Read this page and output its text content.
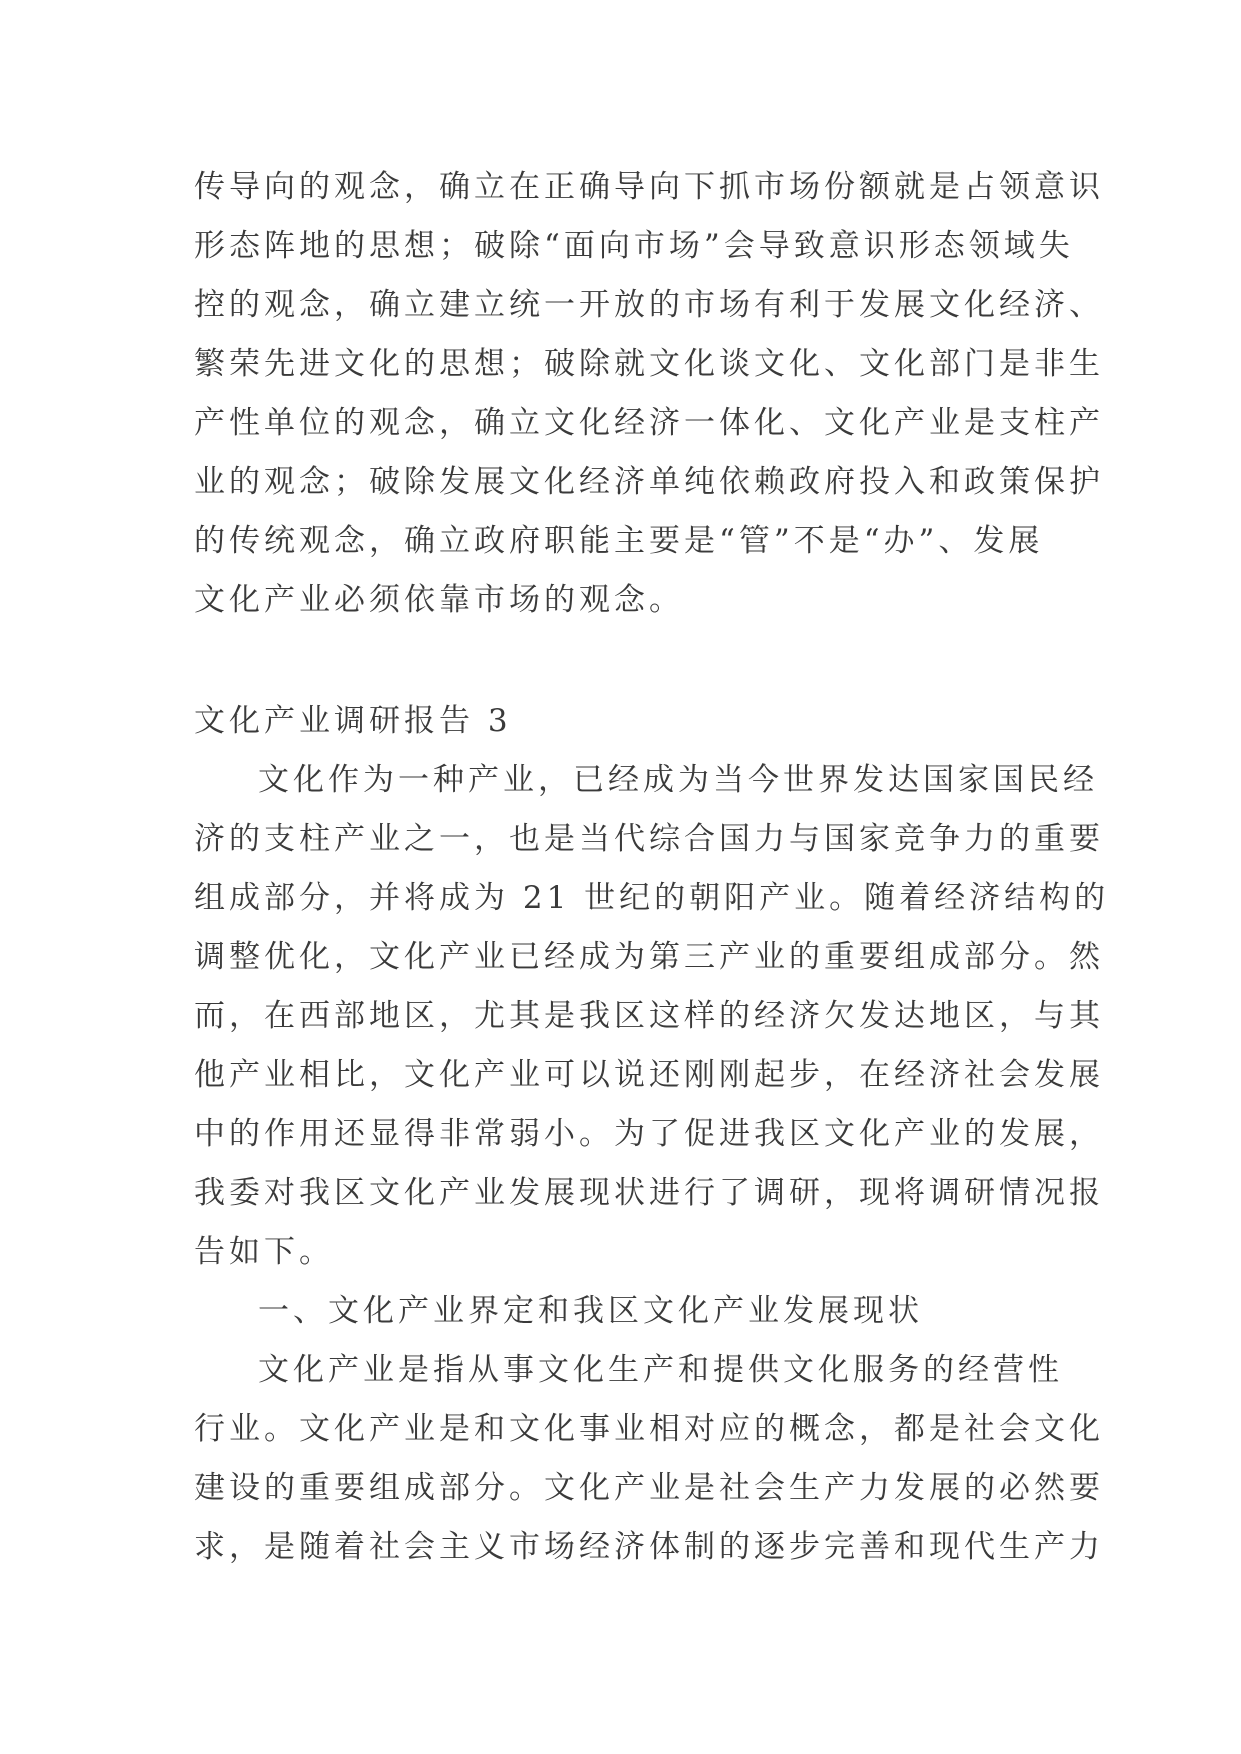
传导向的观念，确立在正确导向下抓市场份额就是占领意识
形态阵地的思想；破除“面向市场”会导致意识形态领域失
控的观念，确立建立统一开放的市场有利于发展文化经济、
繁荣先进文化的思想；破除就文化谈文化、文化部门是非生
产性单位的观念，确立文化经济一体化、文化产业是支柱产
业的观念；破除发展文化经济单纯依赖政府投入和政策保护
的传统观念，确立政府职能主要是“管”不是“办”、发展
文化产业必须依靠市场的观念。
文化产业调研报告 3
文化作为一种产业，已经成为当今世界发达国家国民经
济的支柱产业之一，也是当代综合国力与国家竞争力的重要
组成部分，并将成为 21 世纪的朝阳产业。随着经济结构的
调整优化，文化产业已经成为第三产业的重要组成部分。然
而，在西部地区，尤其是我区这样的经济欠发达地区，与其
他产业相比，文化产业可以说还刚刚起步，在经济社会发展
中的作用还显得非常弱小。为了促进我区文化产业的发展，
我委对我区文化产业发展现状进行了调研，现将调研情况报
告如下。
一、文化产业界定和我区文化产业发展现状
文化产业是指从事文化生产和提供文化服务的经营性
行业。文化产业是和文化事业相对应的概念，都是社会文化
建设的重要组成部分。文化产业是社会生产力发展的必然要
求，是随着社会主义市场经济体制的逐步完善和现代生产力
